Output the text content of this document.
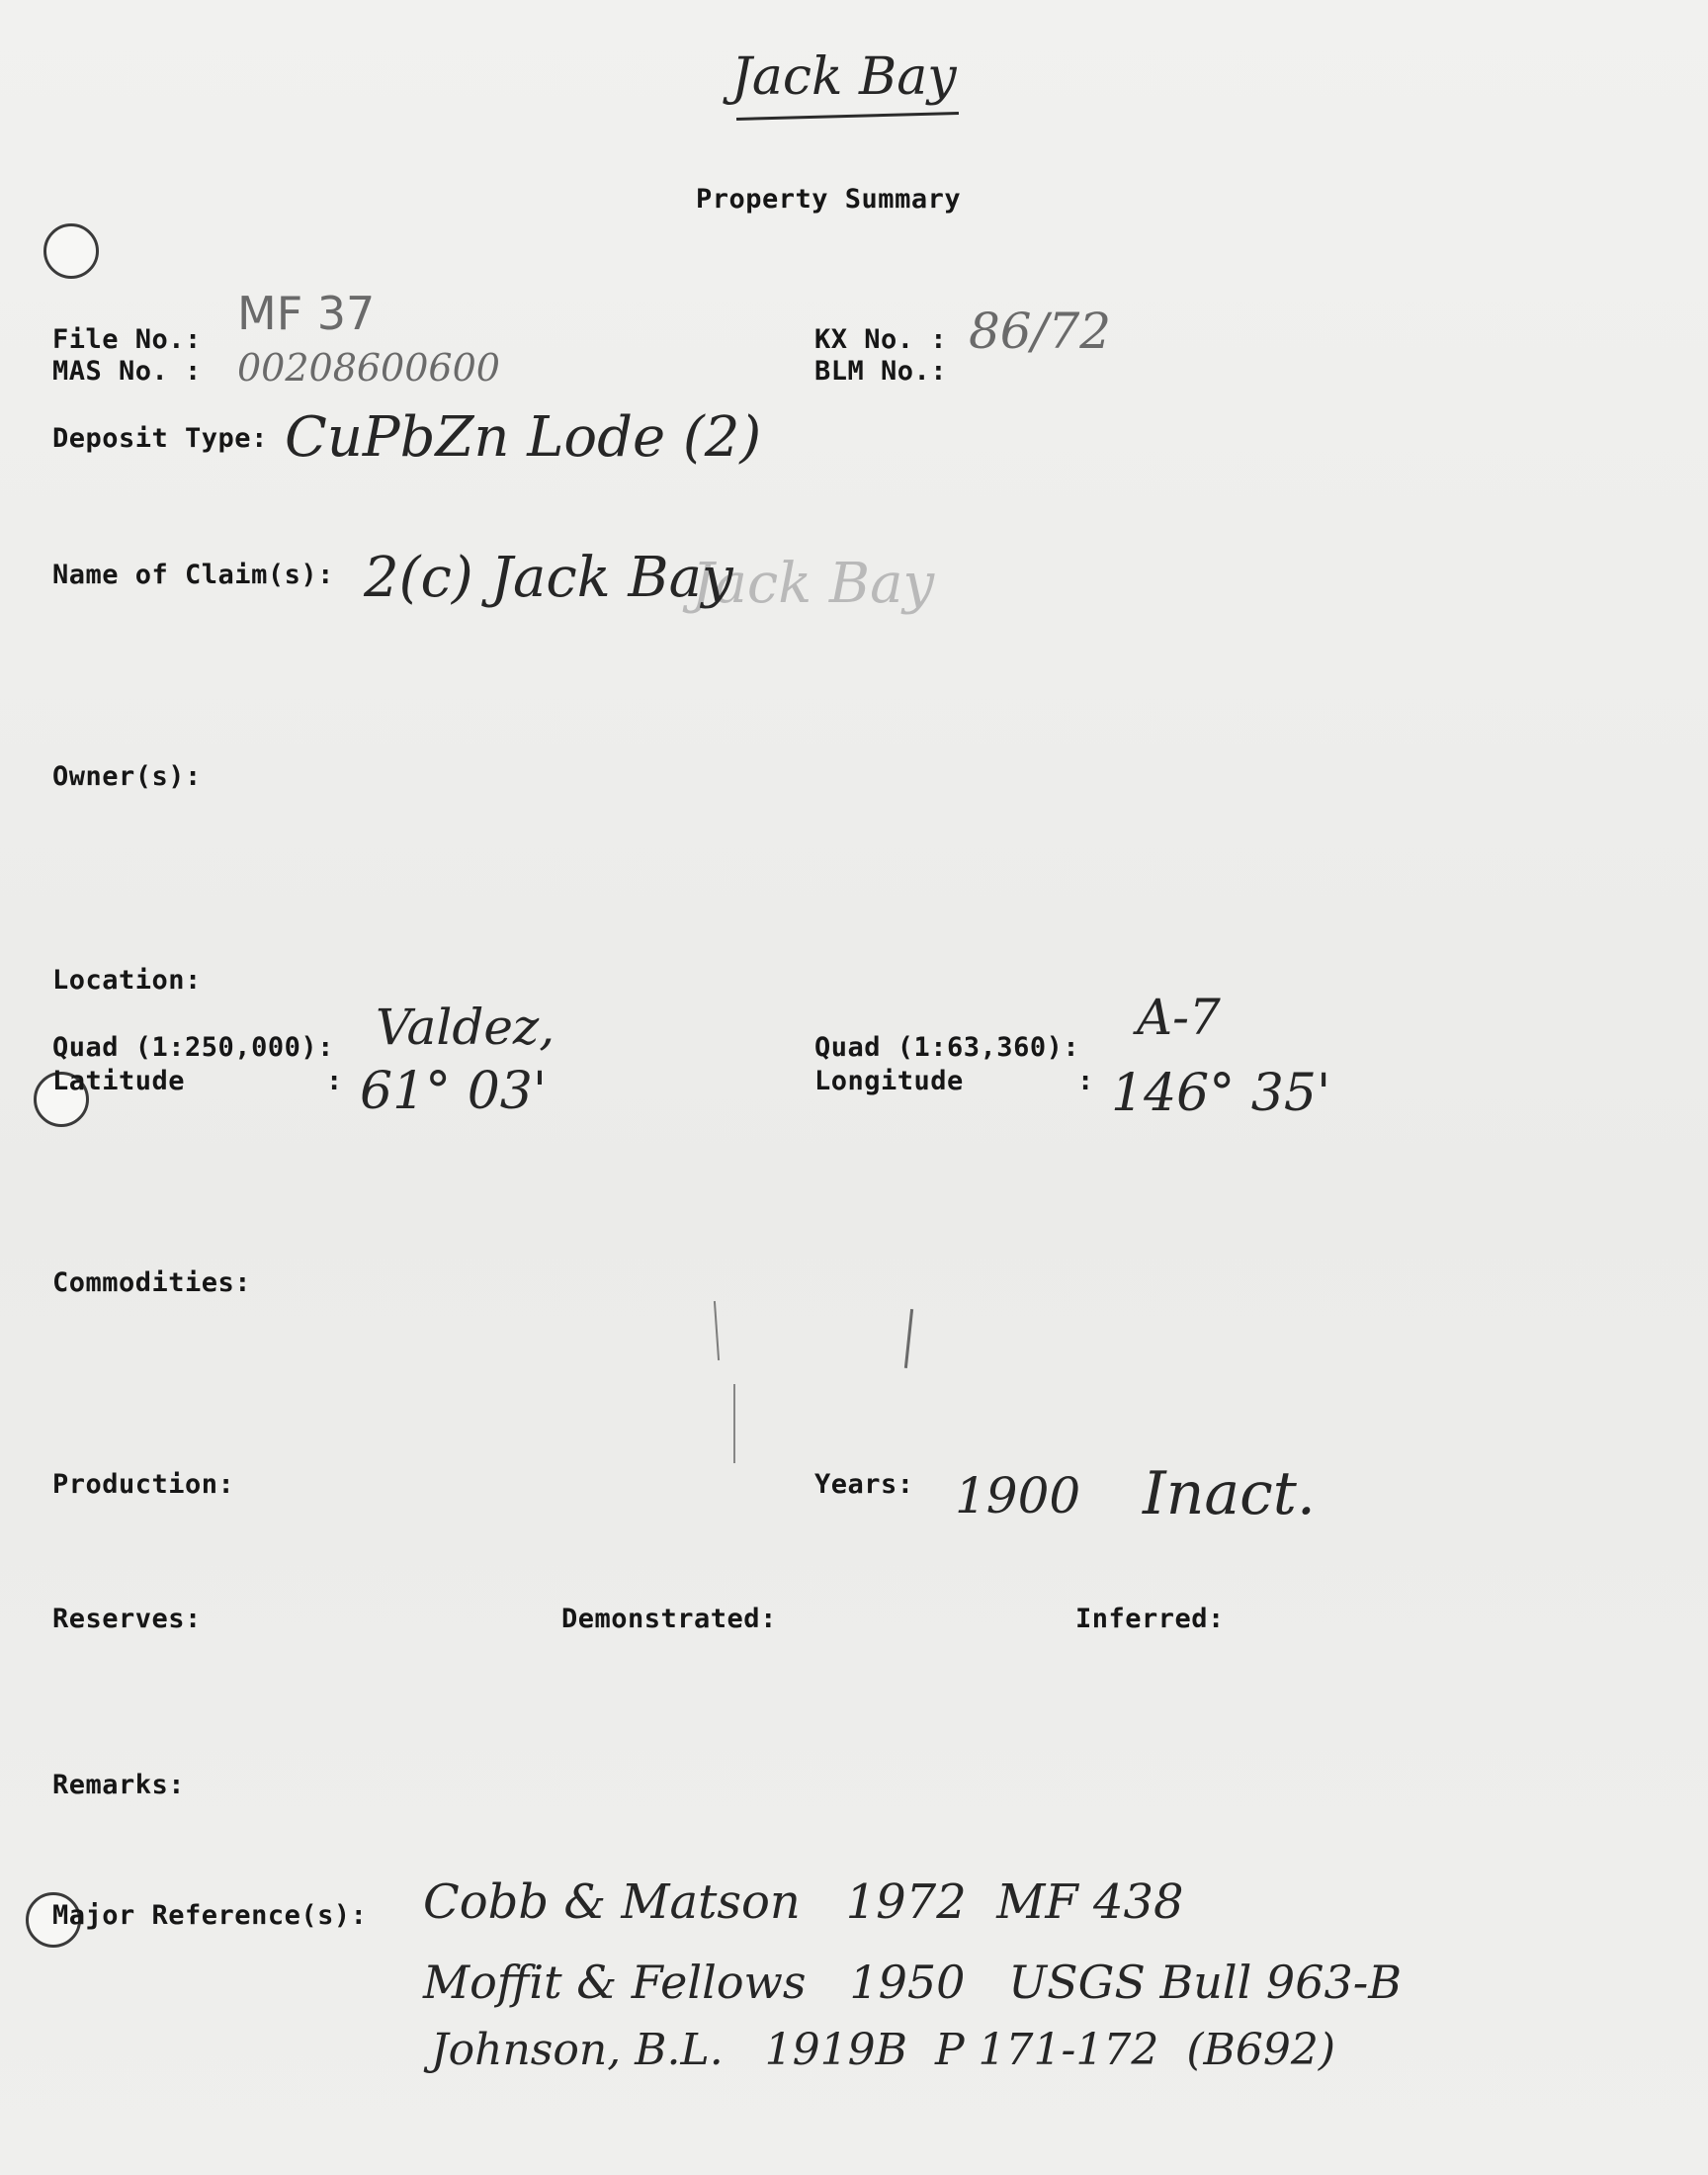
Jack Bay
Property Summary
File No.: MF 37
MAS No. : 00208600600
KX No. : 86/72
BLM No.:
Deposit Type: CuPbZn Lode (2)
Name of Claim(s):	Jack Bay
2(c) Jack Bay
Owner(s):
Location:
Quad (1:250,000): Valdez,
Latitude	: 61° 03'
Quad (1:63,360):
A-7
Longitude	: 146° 35'
Commodities:
Production:	Years: 1900 Inact.
Reserves:	Demonstrated:	Inferred:
Remarks:
Major Reference(s): Cobb & Matson   1972  MF 438
Moffit & Fellows   1950   USGS Bull 963-B
Johnson, B.L.   1919B  P 171-172  (B692)
